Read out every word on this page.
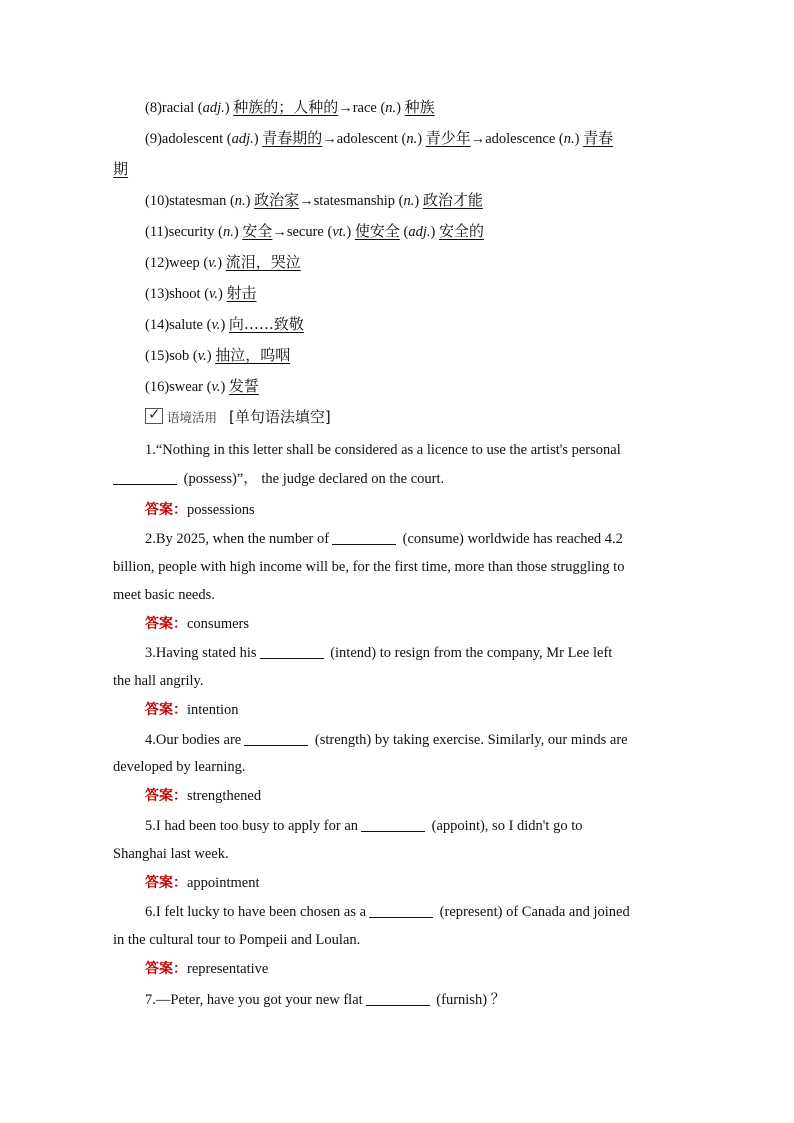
(8)racial (adj.) 种族的；人种的→race (n.) 种族
(9)adolescent (adj.) 青春期的→adolescent (n.) 青少年→adolescence (n.) 青春
期
(10)statesman (n.) 政治家→statesmanship (n.) 政治才能
(11)security (n.) 安全→secure (vt.) 使安全 (adj.) 安全的
(12)weep (v.) 流泪，哭泣
(13)shoot (v.) 射击
(14)salute (v.) 向……致敬
(15)sob (v.) 抽泣，呜咽
(16)swear (v.) 发誓
✓语境活用 [单句语法填空]
1.“Nothing in this letter shall be considered as a licence to use the artist's personal
(possess)”， the judge declared on the court.
答案：possessions
2.By 2025, when the number of	(consume) worldwide has reached 4.2
billion, people with high income will be, for the first time, more than those struggling to
meet basic needs.
答案：consumers
3.Having stated his	(intend) to resign from the company, Mr Lee left
the hall angrily.
答案：intention
4.Our bodies are	(strength) by taking exercise. Similarly, our minds are
developed by learning.
答案：strengthened
5.I had been too busy to apply for an	(appoint), so I didn't go to
Shanghai last week.
答案：appointment
6.I felt lucky to have been chosen as a	(represent) of Canada and joined
in the cultural tour to Pompeii and Loulan.
答案：representative
7.—Peter, have you got your new flat	(furnish) ？
